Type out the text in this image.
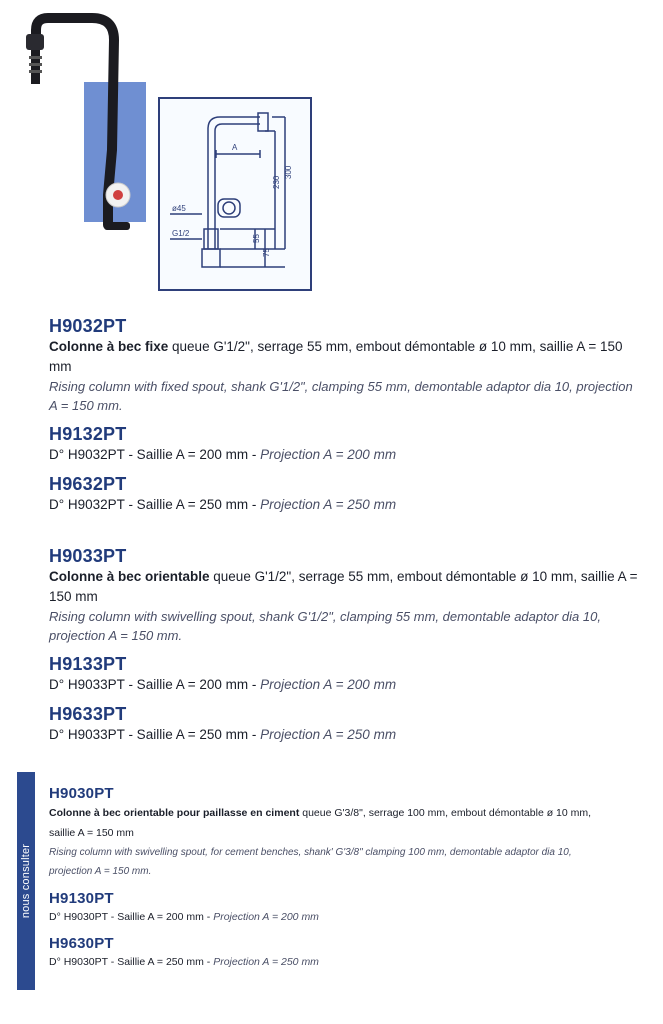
A
230
300
ø45
G1/2
55
75
H9032PT
Colonne à bec fixe queue G'1/2", serrage 55 mm, embout démontable ø 10 mm, saillie A = 150 mm
Rising column with fixed spout, shank G'1/2", clamping 55 mm, demontable adaptor dia 10, projection A = 150 mm.
H9132PT
D° H9032PT - Saillie A = 200 mm - Projection A = 200 mm
H9632PT
D° H9032PT - Saillie A = 250 mm - Projection A = 250 mm
H9033PT
Colonne à bec orientable queue G'1/2", serrage 55 mm, embout démontable ø 10 mm, saillie A = 150 mm
Rising column with swivelling spout, shank G'1/2", clamping 55 mm, demontable adaptor dia 10, projection A = 150 mm.
H9133PT
D° H9033PT - Saillie A = 200 mm - Projection A = 200 mm
H9633PT
D° H9033PT - Saillie A = 250 mm - Projection A = 250 mm
nous consulter
H9030PT
Colonne à bec orientable pour paillasse en ciment queue G'3/8", serrage 100 mm, embout démontable ø 10 mm, saillie A = 150 mm
Rising column with swivelling spout, for cement benches, shank' G'3/8" clamping 100 mm, demontable adaptor dia 10, projection A = 150 mm.
H9130PT
D° H9030PT - Saillie A = 200 mm - Projection A = 200 mm
H9630PT
D° H9030PT - Saillie A = 250 mm - Projection A = 250 mm
